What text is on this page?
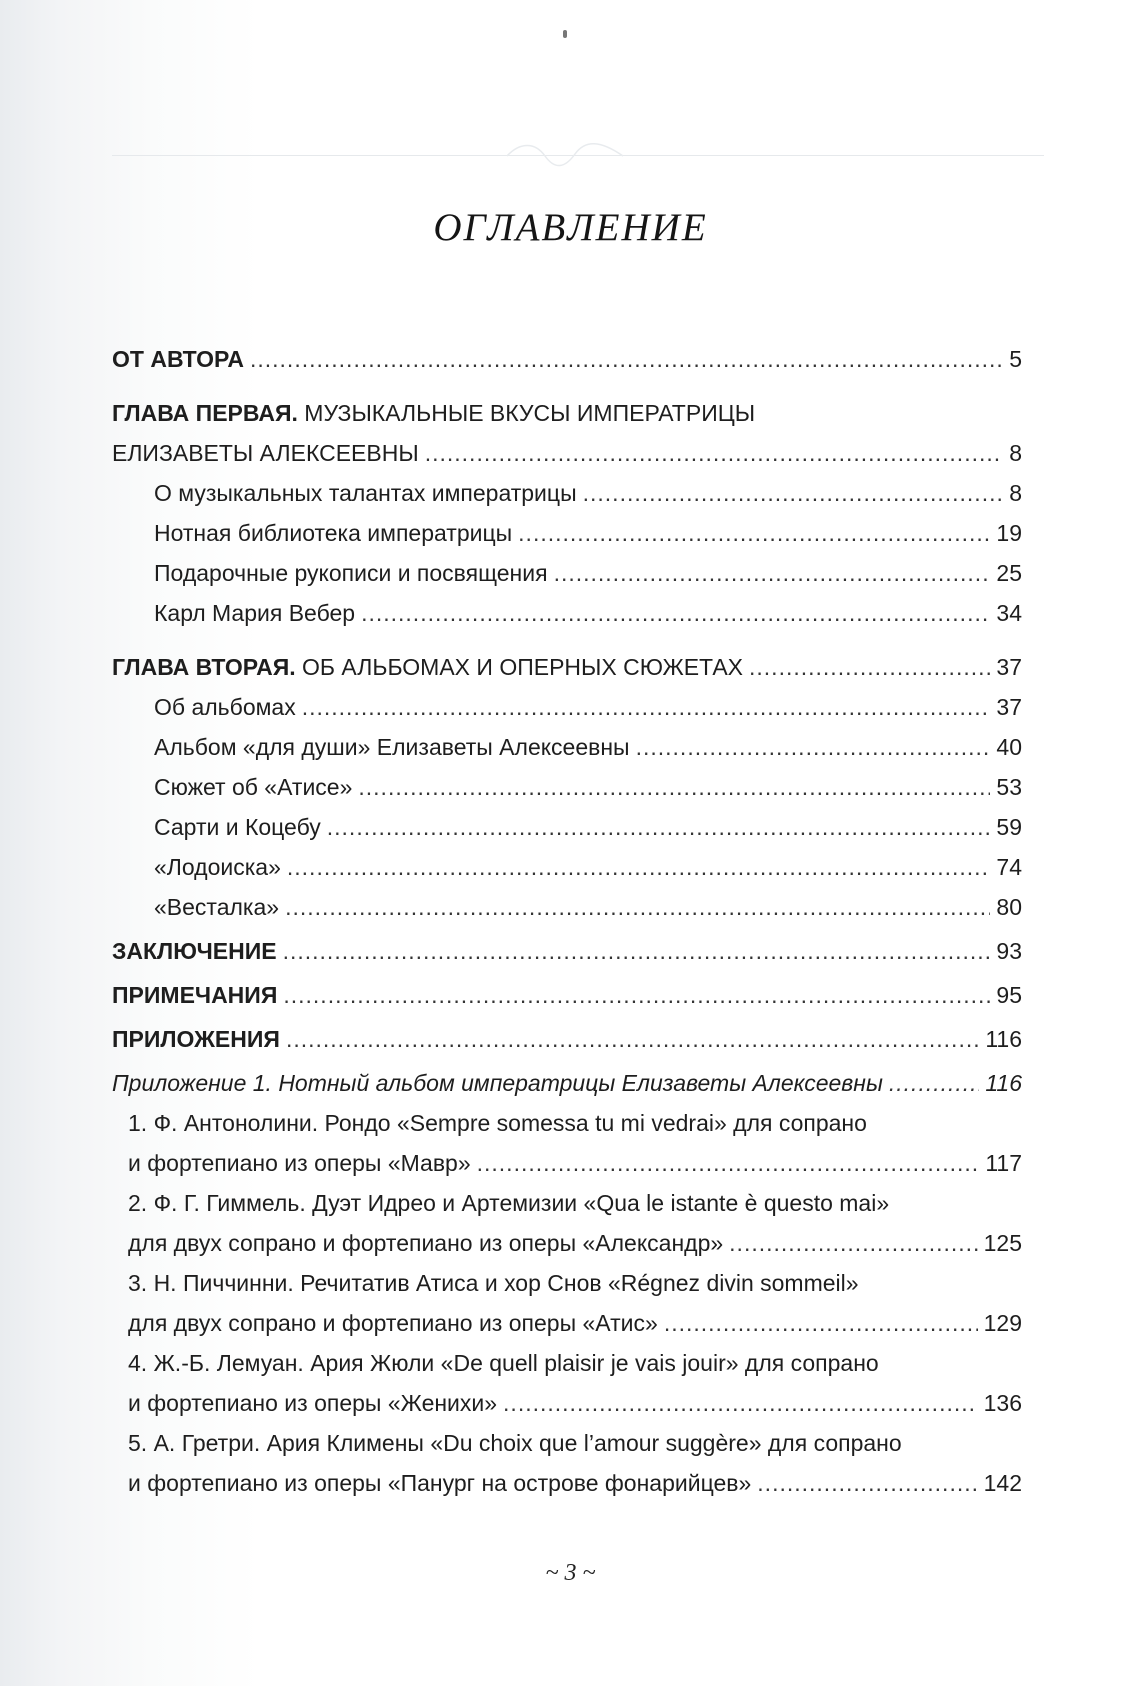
ОГЛАВЛЕНИЕ
ОТ АВТОРА .....	5
ГЛАВА ПЕРВАЯ. МУЗЫКАЛЬНЫЕ ВКУСЫ ИМПЕРАТРИЦЫ
ЕЛИЗАВЕТЫ АЛЕКСЕЕВНЫ .....	8
О музыкальных талантах императрицы .....	8
Нотная библиотека императрицы .....	19
Подарочные рукописи и посвящения .....	25
Карл Мария Вебер .....	34
ГЛАВА ВТОРАЯ. ОБ АЛЬБОМАХ И ОПЕРНЫХ СЮЖЕТАХ .....	37
Об альбомах .....	37
Альбом «для души» Елизаветы Алексеевны .....	40
Сюжет об «Атисе» .....	53
Сарти и Коцебу .....	59
«Лодоиска» .....	74
«Весталка» .....	80
ЗАКЛЮЧЕНИЕ .....	93
ПРИМЕЧАНИЯ .....	95
ПРИЛОЖЕНИЯ .....	116
Приложение 1. Нотный альбом императрицы Елизаветы Алексеевны .....	116
1. Ф. Антонолини. Рондо «Sempre somessa tu mi vedrai» для сопрано
и фортепиано из оперы «Мавр» .....	117
2. Ф. Г. Гиммель. Дуэт Идрео и Артемизии «Qua le istante è questo mai»
для двух сопрано и фортепиано из оперы «Александр» .....	125
3. Н. Пиччинни. Речитатив Атиса и хор Снов «Régnez divin sommeil»
для двух сопрано и фортепиано из оперы «Атис» .....	129
4. Ж.-Б. Лемуан. Ария Жюли «De quell plaisir je vais jouir» для сопрано
и фортепиано из оперы «Женихи» .....	136
5. А. Гретри. Ария Климены «Du choix que l’amour suggère» для сопрано
и фортепиано из оперы «Панург на острове фонарийцев» .....	142
~ 3 ~
